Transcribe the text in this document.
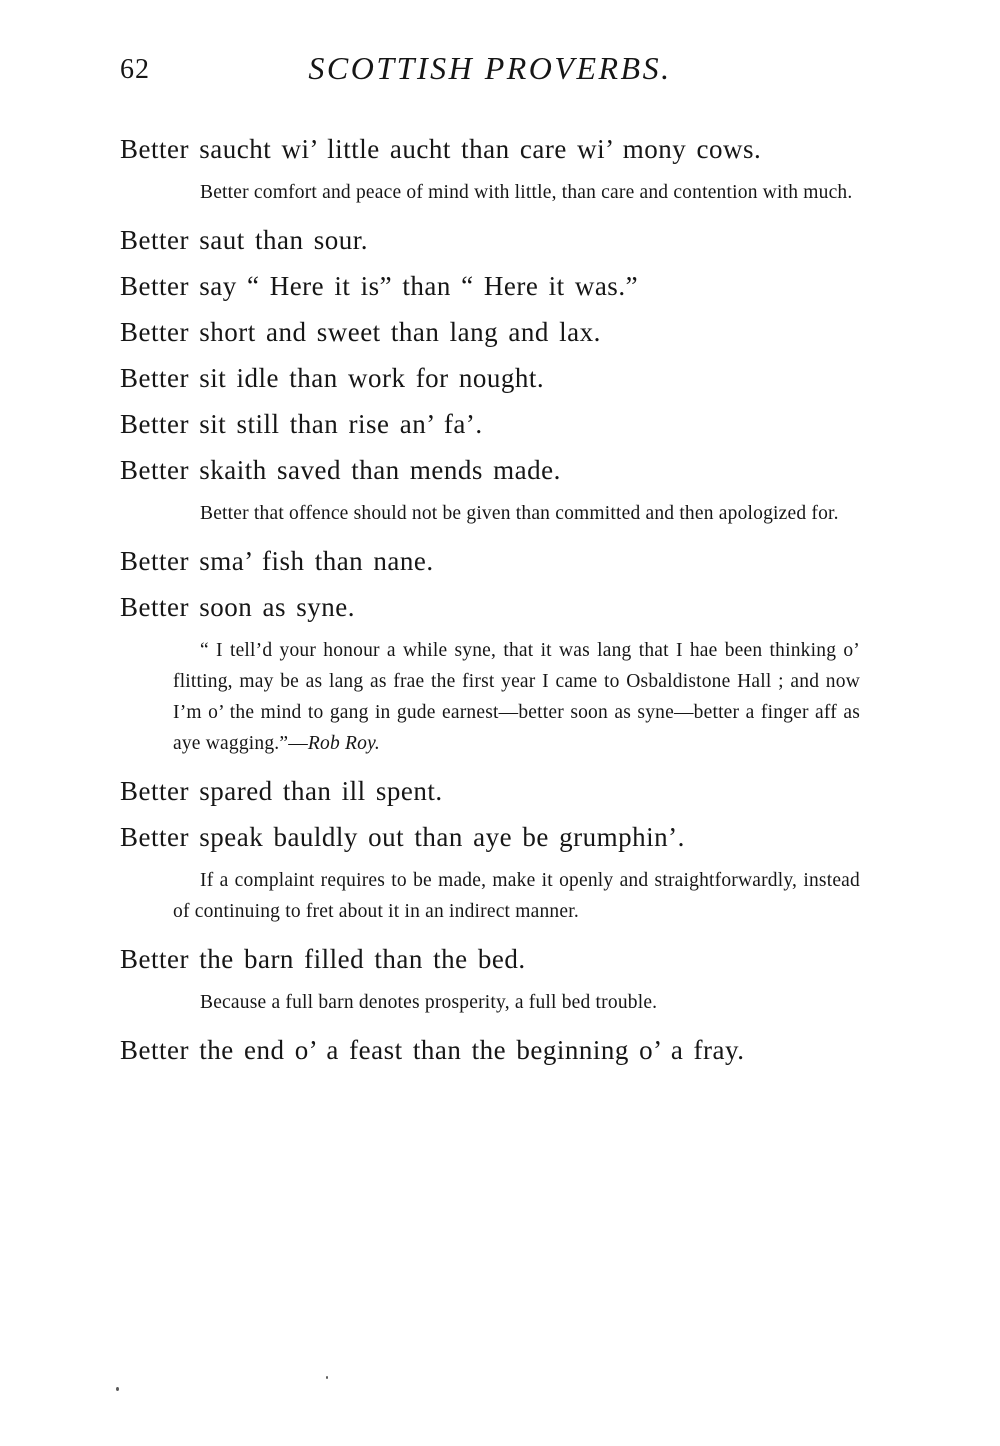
62	SCOTTISH PROVERBS.

Better saucht wi’ little aucht than care wi’ mony cows.

Better comfort and peace of mind with little, than care and contention with much.

Better saut than sour.

Better say “ Here it is” than “ Here it was.”

Better short and sweet than lang and lax.

Better sit idle than work for nought.

Better sit still than rise an’ fa’.

Better skaith saved than mends made.

Better that offence should not be given than committed and then apologized for.

Better sma’ fish than nane.

Better soon as syne.

“ I tell’d your honour a while syne, that it was lang that I hae been thinking o’ flitting, may be as lang as frae the first year I came to Osbaldistone Hall ; and now I’m o’ the mind to gang in gude earnest—better soon as syne—better a finger aff as aye wagging.”—Rob Roy.

Better spared than ill spent.

Better speak bauldly out than aye be grumphin’.

If a complaint requires to be made, make it openly and straightforwardly, instead of continuing to fret about it in an indirect manner.

Better the barn filled than the bed.

Because a full barn denotes prosperity, a full bed trouble.

Better the end o’ a feast than the beginning o’ a fray.
